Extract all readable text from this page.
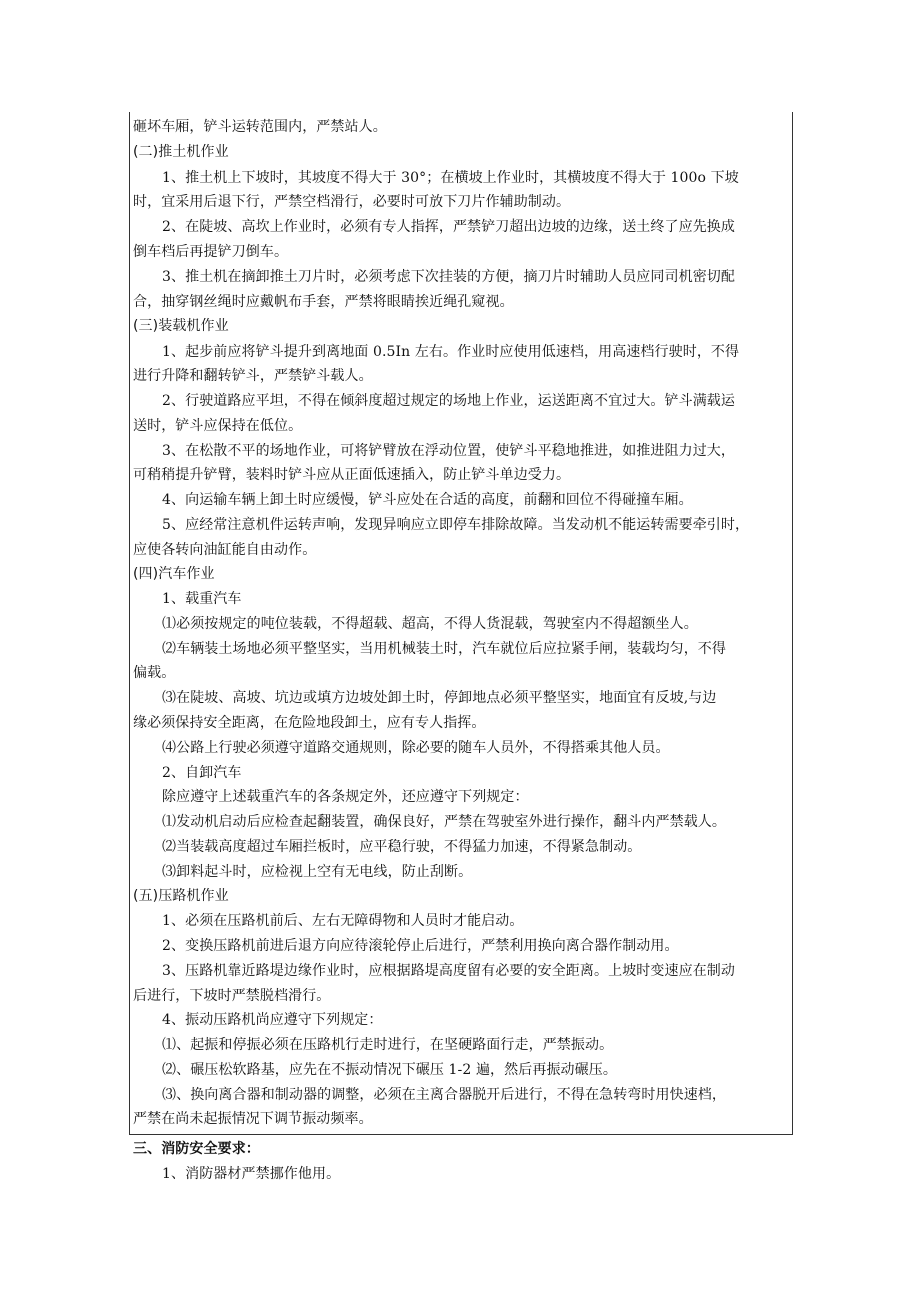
砸坏车厢，铲斗运转范围内，严禁站人。
(二)推土机作业
1、推土机上下坡时，其坡度不得大于 30°；在横坡上作业时，其横坡度不得大于 100o 下坡
时，宜采用后退下行，严禁空档滑行，必要时可放下刀片作辅助制动。
2、在陡坡、高坎上作业时，必须有专人指挥，严禁铲刀超出边坡的边缘，送土终了应先换成
倒车档后再提铲刀倒车。
3、推土机在摘卸推土刀片时，必须考虑下次挂装的方便，摘刀片时辅助人员应同司机密切配
合，抽穿钢丝绳时应戴帆布手套，严禁将眼睛挨近绳孔窥视。
(三)装载机作业
1、起步前应将铲斗提升到离地面 0.5In 左右。作业时应使用低速档，用高速档行驶时，不得
进行升降和翻转铲斗，严禁铲斗载人。
2、行驶道路应平坦，不得在倾斜度超过规定的场地上作业，运送距离不宜过大。铲斗满载运
送时，铲斗应保持在低位。
3、在松散不平的场地作业，可将铲臂放在浮动位置，使铲斗平稳地推进，如推进阻力过大，
可稍稍提升铲臂，装料时铲斗应从正面低速插入，防止铲斗单边受力。
4、向运输车辆上卸土时应缓慢，铲斗应处在合适的高度，前翻和回位不得碰撞车厢。
5、应经常注意机件运转声响，发现异响应立即停车排除故障。当发动机不能运转需要牵引时，
应使各转向油缸能自由动作。
(四)汽车作业
1、载重汽车
⑴必须按规定的吨位装载，不得超载、超高，不得人货混载，驾驶室内不得超额坐人。
⑵车辆装土场地必须平整坚实，当用机械装土时，汽车就位后应拉紧手闸，装载均匀，不得
偏载。
⑶在陡坡、高坡、坑边或填方边坡处卸土时，停卸地点必须平整坚实，地面宜有反坡,与边
缘必须保持安全距离，在危险地段卸土，应有专人指挥。
⑷公路上行驶必须遵守道路交通规则，除必要的随车人员外，不得搭乘其他人员。
2、自卸汽车
除应遵守上述载重汽车的各条规定外，还应遵守下列规定：
⑴发动机启动后应检查起翻装置，确保良好，严禁在驾驶室外进行操作，翻斗内严禁载人。
⑵当装载高度超过车厢拦板时，应平稳行驶，不得猛力加速，不得紧急制动。
⑶卸料起斗时，应检视上空有无电线，防止刮断。
(五)压路机作业
1、必须在压路机前后、左右无障碍物和人员时才能启动。
2、变换压路机前进后退方向应待滚轮停止后进行，严禁利用换向离合器作制动用。
3、压路机靠近路堤边缘作业时，应根据路堤高度留有必要的安全距离。上坡时变速应在制动
后进行，下坡时严禁脱档滑行。
4、振动压路机尚应遵守下列规定：
⑴、起振和停振必须在压路机行走时进行，在坚硬路面行走，严禁振动。
⑵、碾压松软路基，应先在不振动情况下碾压 1-2 遍，然后再振动碾压。
⑶、换向离合器和制动器的调整，必须在主离合器脱开后进行，不得在急转弯时用快速档，
严禁在尚未起振情况下调节振动频率。
三、消防安全要求：
1、消防器材严禁挪作他用。
